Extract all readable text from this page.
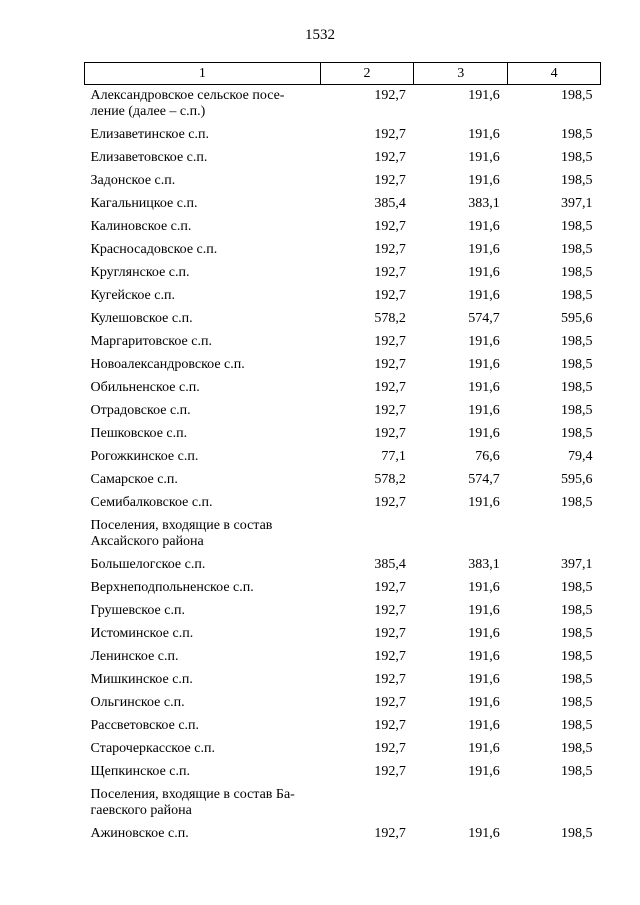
1532
1	2	3	4
Александровское сельское посе-
ление (далее – с.п.)	192,7	191,6	198,5
Елизаветинское с.п.	192,7	191,6	198,5
Елизаветовское с.п.	192,7	191,6	198,5
Задонское с.п.	192,7	191,6	198,5
Кагальницкое с.п.	385,4	383,1	397,1
Калиновское с.п.	192,7	191,6	198,5
Красносадовское с.п.	192,7	191,6	198,5
Круглянское с.п.	192,7	191,6	198,5
Кугейское с.п.	192,7	191,6	198,5
Кулешовское с.п.	578,2	574,7	595,6
Маргаритовское с.п.	192,7	191,6	198,5
Новоалександровское с.п.	192,7	191,6	198,5
Обильненское с.п.	192,7	191,6	198,5
Отрадовское с.п.	192,7	191,6	198,5
Пешковское с.п.	192,7	191,6	198,5
Рогожкинское с.п.	77,1	76,6	79,4
Самарское с.п.	578,2	574,7	595,6
Семибалковское с.п.	192,7	191,6	198,5
Поселения, входящие в состав
Аксайского района			
Большелогское с.п.	385,4	383,1	397,1
Верхнеподпольненское с.п.	192,7	191,6	198,5
Грушевское с.п.	192,7	191,6	198,5
Истоминское с.п.	192,7	191,6	198,5
Ленинское с.п.	192,7	191,6	198,5
Мишкинское с.п.	192,7	191,6	198,5
Ольгинское с.п.	192,7	191,6	198,5
Рассветовское с.п.	192,7	191,6	198,5
Старочеркасское с.п.	192,7	191,6	198,5
Щепкинское с.п.	192,7	191,6	198,5
Поселения, входящие в состав Ба-
гаевского района			
Ажиновское с.п.	192,7	191,6	198,5
